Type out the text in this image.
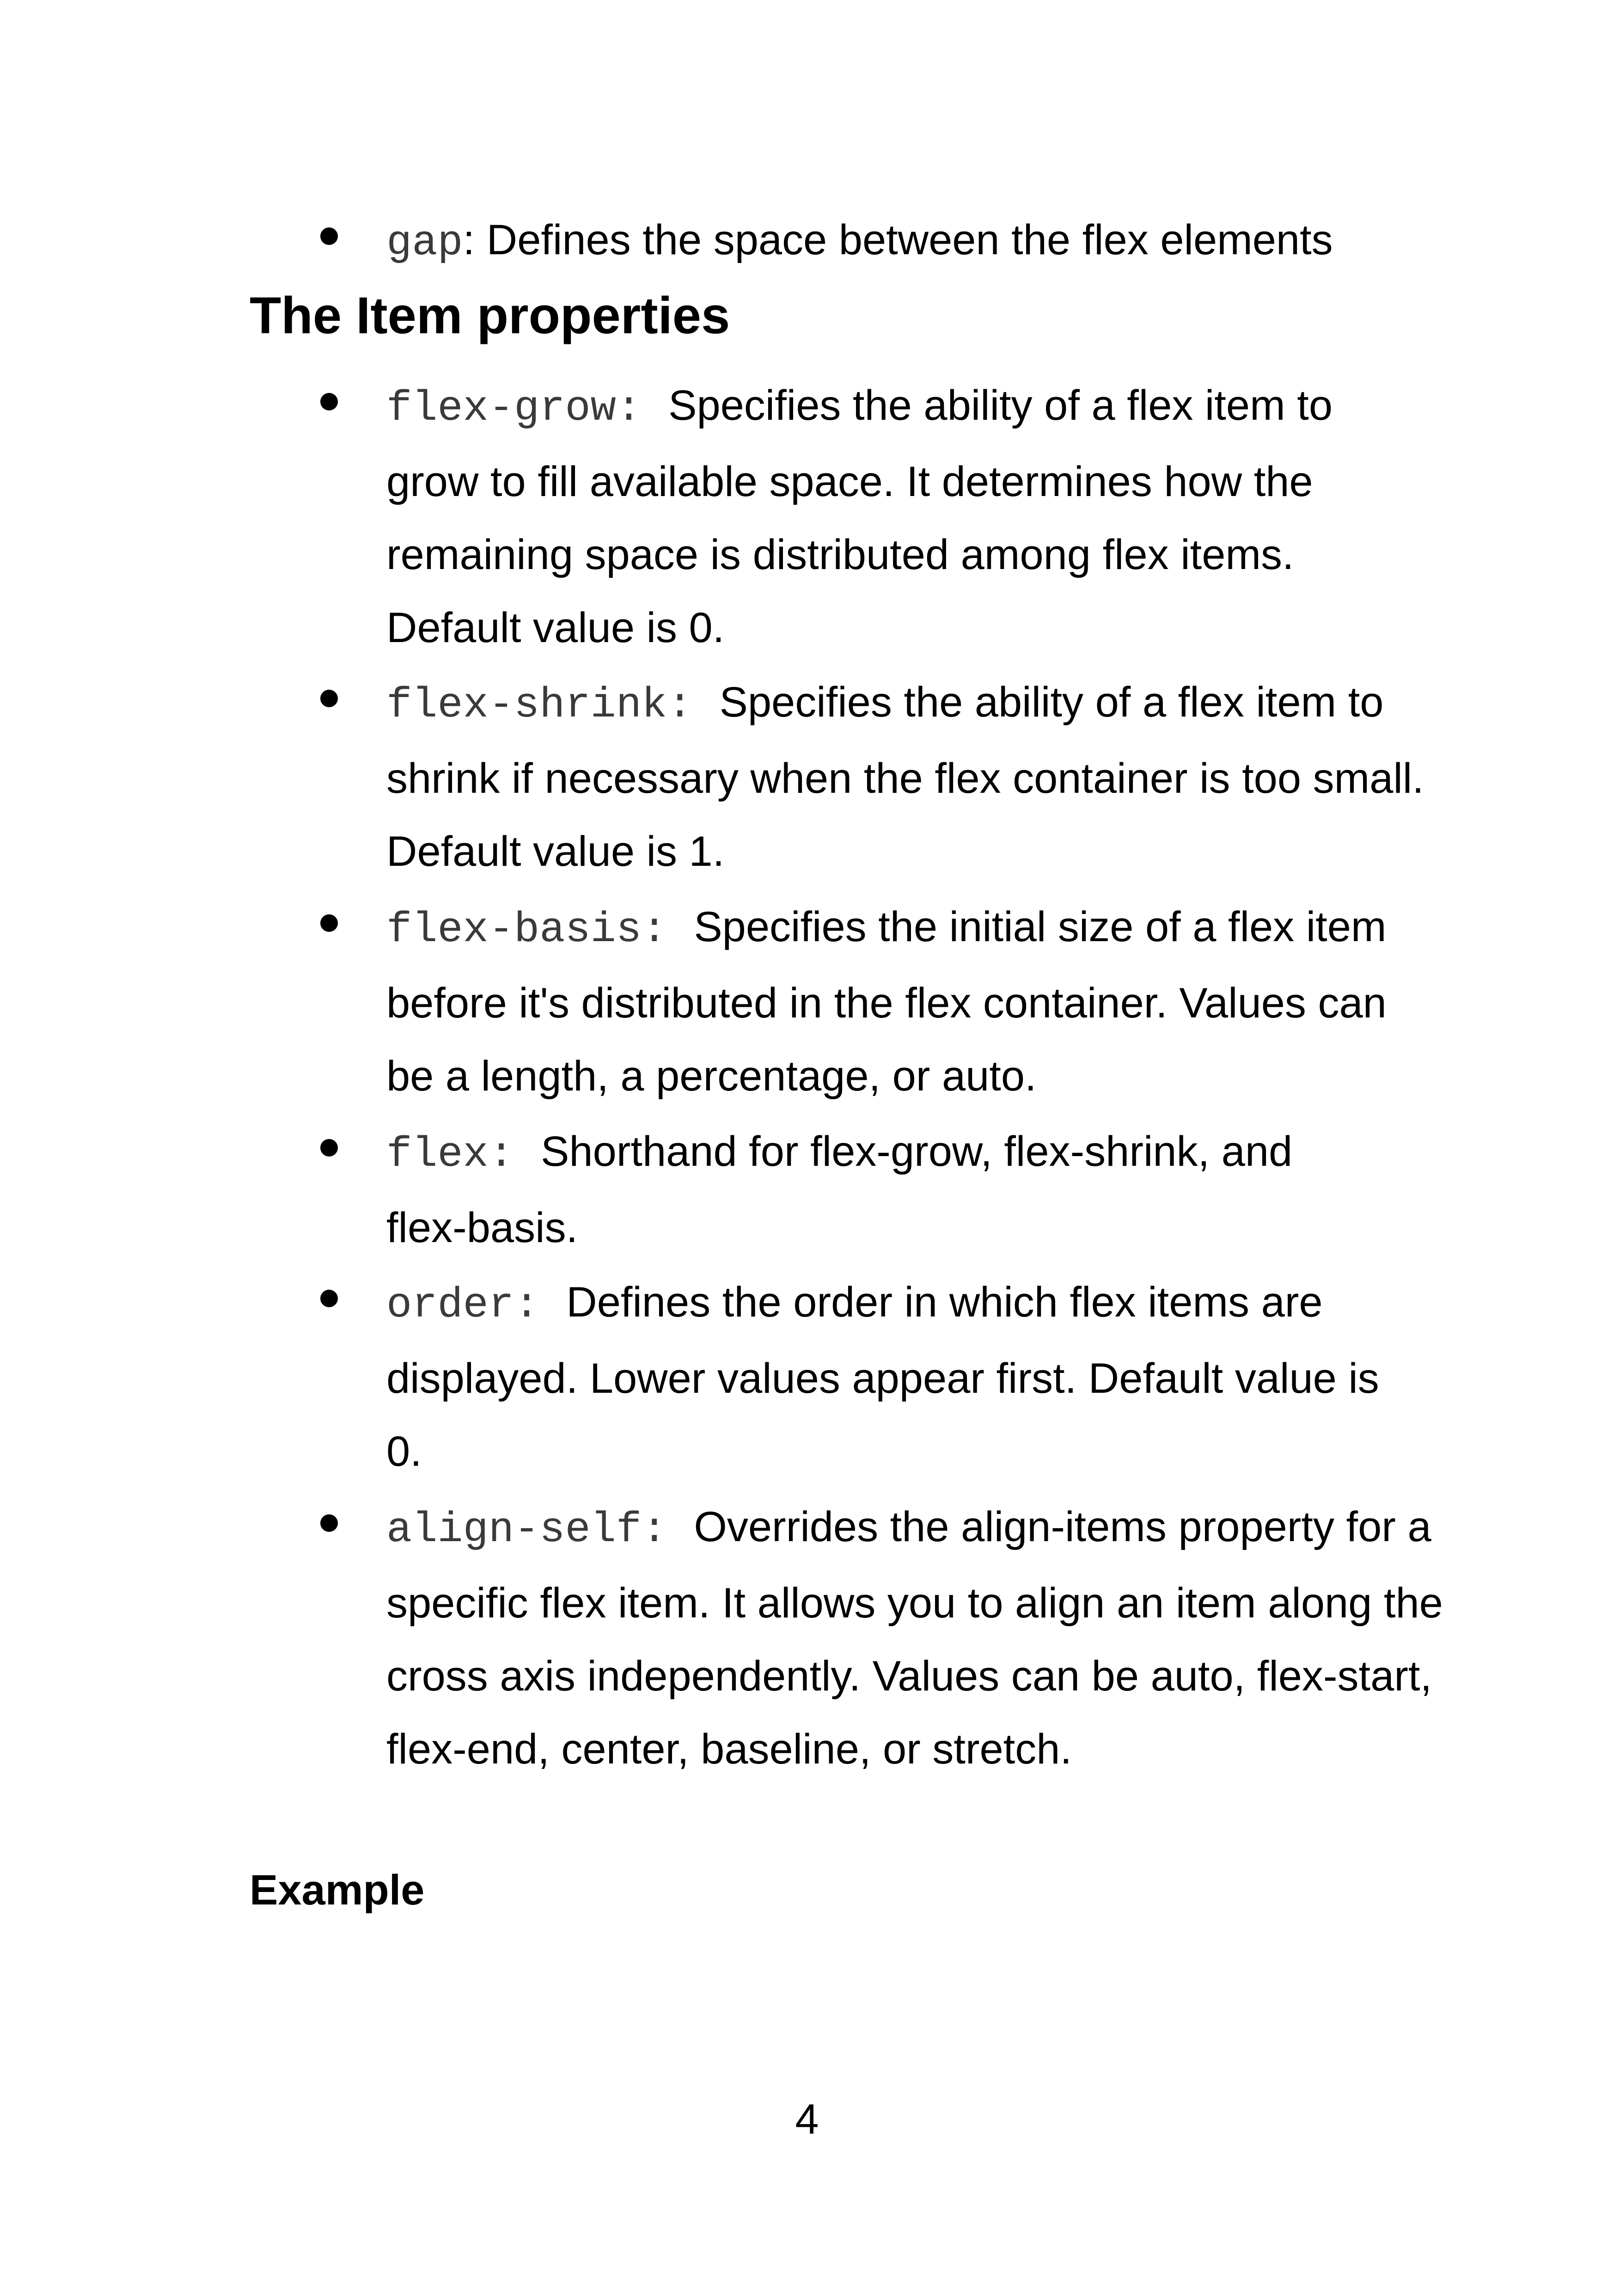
gap: Defines the space between the flex elements
The Item properties
flex-grow: Specifies the ability of a flex item to grow to fill available space. It determines how the remaining space is distributed among flex items. Default value is 0.
flex-shrink: Specifies the ability of a flex item to shrink if necessary when the flex container is too small. Default value is 1.
flex-basis: Specifies the initial size of a flex item before it's distributed in the flex container. Values can be a length, a percentage, or auto.
flex: Shorthand for flex-grow, flex-shrink, and flex-basis.
order: Defines the order in which flex items are displayed. Lower values appear first. Default value is 0.
align-self: Overrides the align-items property for a specific flex item. It allows you to align an item along the cross axis independently. Values can be auto, flex-start, flex-end, center, baseline, or stretch.
Example
4
